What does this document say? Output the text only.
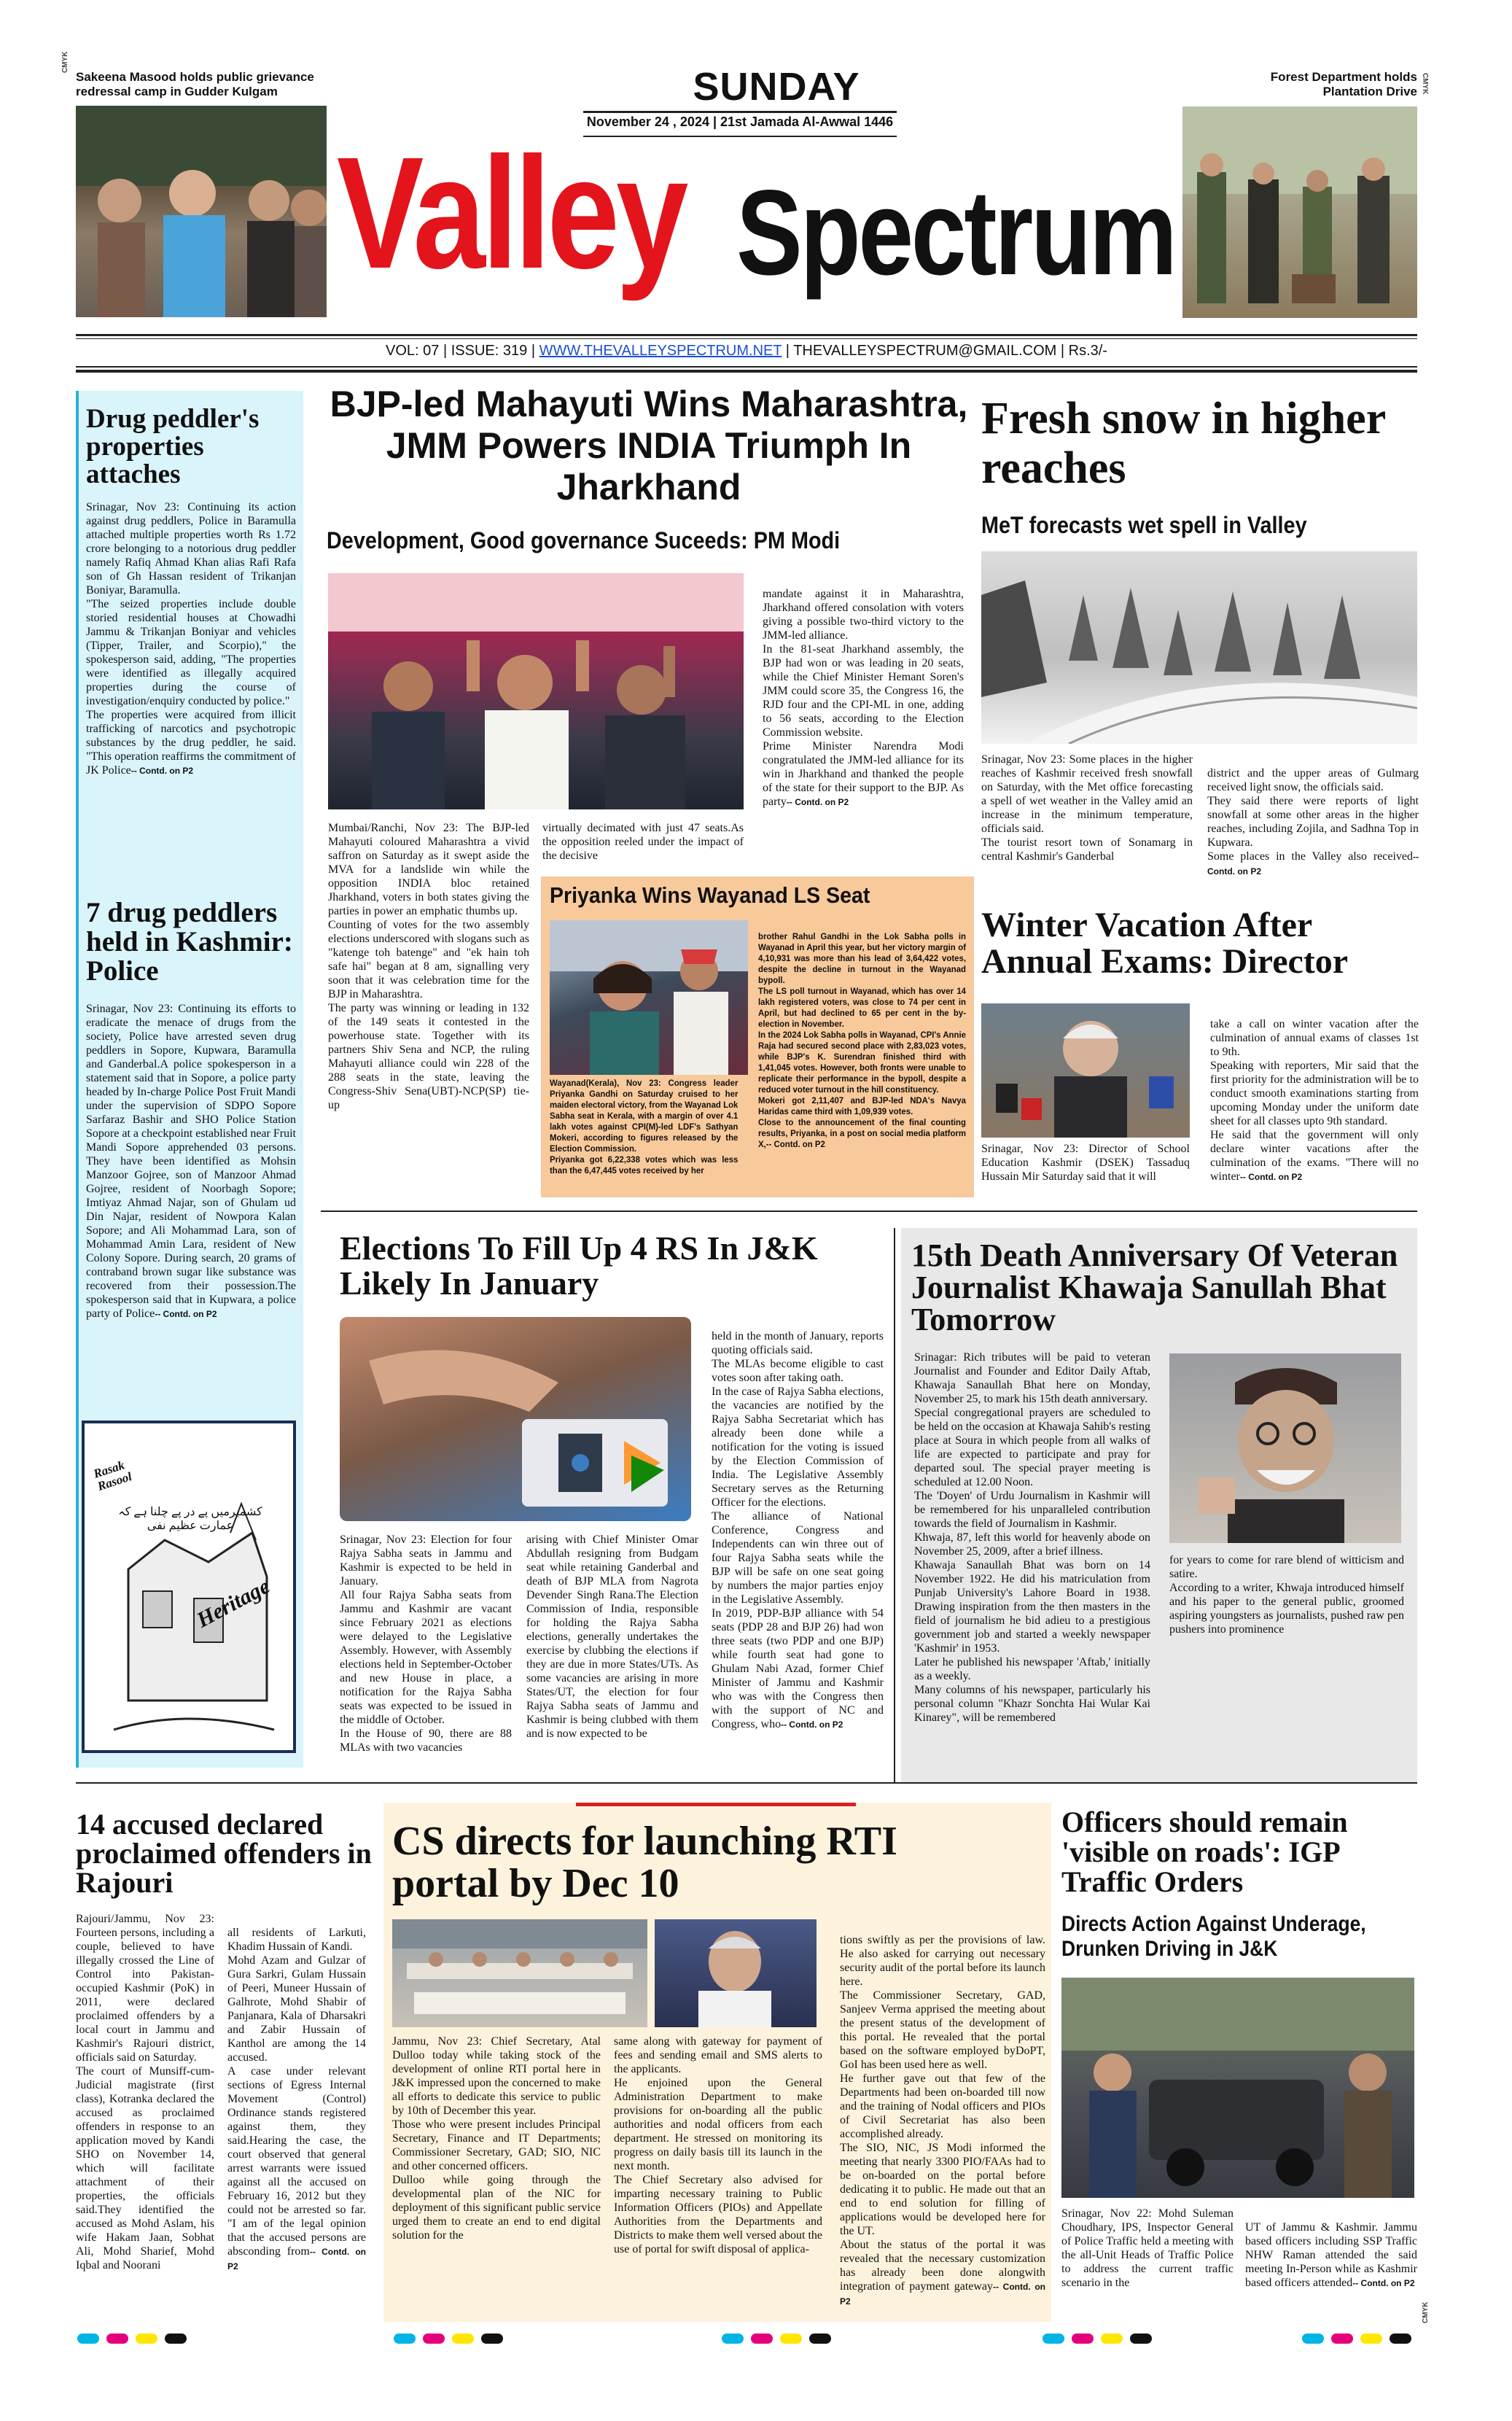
CMYK
Sakeena Masood holds public grievance redressal camp in Gudder Kulgam	SUNDAY
November 24 , 2024 | 21st Jamada Al-Awwal 1446
Valley Spectrum
Forest Department holds Plantation Drive CMYK
VOL: 07 | ISSUE: 319 | WWW.THEVALLEYSPECTRUM.NET | THEVALLEYSPECTRUM@GMAIL.COM | Rs.3/-
Drug peddler's properties attaches

Srinagar, Nov 23: Continuing its action against drug peddlers, Police in Baramulla attached multiple properties worth Rs 1.72 crore belonging to a notorious drug peddler namely Rafiq Ahmad Khan alias Rafi Rafa son of Gh Hassan resident of Trikanjan Boniyar, Baramulla.

"The seized properties include double storied residential houses at Chowadhi Jammu & Trikanjan Boniyar and vehicles (Tipper, Trailer, and Scorpio)," the spokesperson said, adding, "The properties were identified as illegally acquired properties during the course of investigation/enquiry conducted by police."

The properties were acquired from illicit trafficking of narcotics and psychotropic substances by the drug peddler, he said. "This operation reaffirms the commitment of JK Police-- Contd. on P2

7 drug peddlers held in Kashmir: Police
Srinagar, Nov 23: Continuing its efforts to eradicate the menace of drugs from the society, Police have arrested seven drug peddlers in Sopore, Kupwara, Baramulla and Ganderbal.A police spokesperson in a statement said that in Sopore, a police party headed by In-charge Police Post Fruit Mandi under the supervision of SDPO Sopore Sarfaraz Bashir and SHO Police Station Sopore at a checkpoint established near Fruit Mandi Sopore apprehended 03 persons. They have been identified as Mohsin Manzoor Gojree, son of Manzoor Ahmad Gojree, resident of Noorbagh Sopore; Imtiyaz Ahmad Najar, son of Ghulam ud Din Najar, resident of Nowpora Kalan Sopore; and Ali Mohammad Lara, son of Mohammad Amin Lara, resident of New Colony Sopore. During search, 20 grams of contraband brown sugar like substance was recovered from their possession.The spokesperson said that in Kupwara, a police party of Police-- Contd. on P2
Rasak Rasool
کشمیرمیں پے در پے چلنا ہے کہ عمارت عظیم نفی
Heritage
BJP-led Mahayuti Wins Maharashtra, JMM Powers INDIA Triumph In Jharkhand
Development, Good governance Suceeds: PM Modi
Mumbai/Ranchi, Nov 23: The BJP-led Mahayuti coloured Maharashtra a vivid saffron on Saturday as it swept aside the MVA for a landslide win while the opposition INDIA bloc retained Jharkhand, voters in both states giving the parties in power an emphatic thumbs up.
Counting of votes for the two assembly elections underscored with slogans such as "katenge toh batenge" and "ek hain toh safe hai" began at 8 am, signalling very soon that it was celebration time for the BJP in Maharashtra.
The party was winning or leading in 132 of the 149 seats it contested in the powerhouse state. Together with its partners Shiv Sena and NCP, the ruling Mahayuti alliance could win 228 of the 288 seats in the state, leaving the Congress-Shiv Sena(UBT)-NCP(SP) tie-up
virtually decimated with just 47 seats.As the opposition reeled under the impact of the decisive

mandate against it in Maharashtra, Jharkhand offered consolation with voters giving a possible two-third victory to the JMM-led alliance.
In the 81-seat Jharkhand assembly, the BJP had won or was leading in 20 seats, while the Chief Minister Hemant Soren's JMM could score 35, the Congress 16, the RJD four and the CPI-ML in one, adding to 56 seats, according to the Election Commission website.
Prime Minister Narendra Modi congratulated the JMM-led alliance for its win in Jharkhand and thanked the people of the state for their support to the BJP. As party-- Contd. on P2

Priyanka Wins Wayanad LS Seat
Wayanad(Kerala), Nov 23: Congress leader Priyanka Gandhi on Saturday cruised to her maiden electoral victory, from the Wayanad Lok Sabha seat in Kerala, with a margin of over 4.1 lakh votes against CPI(M)-led LDF's Sathyan Mokeri, according to figures released by the Election Commission.
Priyanka got 6,22,338 votes which was less than the 6,47,445 votes received by her

brother Rahul Gandhi in the Lok Sabha polls in Wayanad in April this year, but her victory margin of 4,10,931 was more than his lead of 3,64,422 votes, despite the decline in turnout in the Wayanad bypoll.
The LS poll turnout in Wayanad, which has over 14 lakh registered voters, was close to 74 per cent in April, but had declined to 65 per cent in the by-election in November.
In the 2024 Lok Sabha polls in Wayanad, CPI's Annie Raja had secured second place with 2,83,023 votes, while BJP's K. Surendran finished third with 1,41,045 votes. However, both fronts were unable to replicate their performance in the bypoll, despite a reduced voter turnout in the hill constituency.
Mokeri got 2,11,407 and BJP-led NDA's Navya Haridas came third with 1,09,939 votes.
Close to the announcement of the final counting results, Priyanka, in a post on social media platform X,-- Contd. on P2

Fresh snow in higher reaches
MeT forecasts wet spell in Valley
Srinagar, Nov 23: Some places in the higher reaches of Kashmir received fresh snowfall on Saturday, with the Met office forecasting a spell of wet weather in the Valley amid an increase in the minimum temperature, officials said.
The tourist resort town of Sonamarg in central Kashmir's Ganderbal

district and the upper areas of Gulmarg received light snow, the officials said.
They said there were reports of light snowfall at some other areas in the higher reaches, including Zojila, and Sadhna Top in Kupwara.
Some places in the Valley also received-- Contd. on P2

Winter Vacation After Annual Exams: Director
Srinagar, Nov 23: Director of School Education Kashmir (DSEK) Tassaduq Hussain Mir Saturday said that it will

take a call on winter vacation after the culmination of annual exams of classes 1st to 9th.
Speaking with reporters, Mir said that the first priority for the administration will be to conduct smooth examinations starting from upcoming Monday under the uniform date sheet for all classes upto 9th standard.
He said that the government will only declare winter vacations after the culmination of the exams. "There will no winter-- Contd. on P2

Elections To Fill Up 4 RS In J&K Likely In January
Srinagar, Nov 23: Election for four Rajya Sabha seats in Jammu and Kashmir is expected to be held in January.
All four Rajya Sabha seats from Jammu and Kashmir are vacant since February 2021 as elections were delayed to the Legislative Assembly. However, with Assembly elections held in September-October and new House in place, a notification for the Rajya Sabha seats was expected to be issued in the middle of October.
In the House of 90, there are 88 MLAs with two vacancies
arising with Chief Minister Omar Abdullah resigning from Budgam seat while retaining Ganderbal and death of BJP MLA from Nagrota Devender Singh Rana.The Election Commission of India, responsible for holding the Rajya Sabha elections, generally undertakes the exercise by clubbing the elections if they are due in more States/UTs. As some vacancies are arising in more States/UT, the election for four Rajya Sabha seats of Jammu and Kashmir is being clubbed with them and is now expected to be

held in the month of January, reports quoting officials said.
The MLAs become eligible to cast votes soon after taking oath.
In the case of Rajya Sabha elections, the vacancies are notified by the Rajya Sabha Secretariat which has already been done while a notification for the voting is issued by the Election Commission of India. The Legislative Assembly Secretary serves as the Returning Officer for the elections.
The alliance of National Conference, Congress and Independents can win three out of four Rajya Sabha seats while the BJP will be safe on one seat going by numbers the major parties enjoy in the Legislative Assembly.
In 2019, PDP-BJP alliance with 54 seats (PDP 28 and BJP 26) had won three seats (two PDP and one BJP) while fourth seat had gone to Ghulam Nabi Azad, former Chief Minister of Jammu and Kashmir who was with the Congress then with the support of NC and Congress, who-- Contd. on P2

15th Death Anniversary Of Veteran Journalist Khawaja Sanullah Bhat Tomorrow
Srinagar: Rich tributes will be paid to veteran Journalist and Founder and Editor Daily Aftab, Khawaja Sanaullah Bhat here on Monday, November 25, to mark his 15th death anniversary.
Special congregational prayers are scheduled to be held on the occasion at Khawaja Sahib's resting place at Soura in which people from all walks of life are expected to participate and pray for departed soul. The special prayer meeting is scheduled at 12.00 Noon.
The 'Doyen' of Urdu Journalism in Kashmir will be remembered for his unparalleled contribution towards the field of Journalism in Kashmir.
Khwaja, 87, left this world for heavenly abode on November 25, 2009, after a brief illness.
Khawaja Sanaullah Bhat was born on 14 November 1922. He did his matriculation from Punjab University's Lahore Board in 1938. Drawing inspiration from the then masters in the field of journalism he bid adieu to a prestigious government job and started a weekly newspaper 'Kashmir' in 1953.
Later he published his newspaper 'Aftab,' initially as a weekly.
Many columns of his newspaper, particularly his personal column "Khazr Sonchta Hai Wular Kai Kinarey", will be remembered
for years to come for rare blend of witticism and satire.
According to a writer, Khwaja introduced himself and his paper to the general public, groomed aspiring youngsters as journalists, pushed raw pen pushers into prominence
14 accused declared proclaimed offenders in Rajouri
Rajouri/Jammu, Nov 23: Fourteen persons, including a couple, believed to have illegally crossed the Line of Control into Pakistan-occupied Kashmir (PoK) in 2011, were declared proclaimed offenders by a local court in Jammu and Kashmir's Rajouri district, officials said on Saturday.
The court of Munsiff-cum-Judicial magistrate (first class), Kotranka declared the accused as proclaimed offenders in response to an application moved by Kandi SHO on November 14, which will facilitate attachment of their properties, the officials said.They identified the accused as Mohd Aslam, his wife Hakam Jaan, Sobhat Ali, Mohd Sharief, Mohd Iqbal and Noorani

all residents of Larkuti, Khadim Hussain of Kandi.
Mohd Azam and Gulzar of Gura Sarkri, Gulam Hussain of Peeri, Muneer Hussain of Galhrote, Mohd Shabir of Panjanara, Kala of Dharsakri and Zabir Hussain of Kanthol are among the 14 accused.
A case under relevant sections of Egress Internal Movement (Control) Ordinance stands registered against them, they said.Hearing the case, the court observed that general arrest warrants were issued against all the accused on February 16, 2012 but they could not be arrested so far. "I am of the legal opinion that the accused persons are absconding from-- Contd. on P2

CS directs for launching RTI portal by Dec 10
Jammu, Nov 23: Chief Secretary, Atal Dulloo today while taking stock of the development of online RTI portal here in J&K impressed upon the concerned to make all efforts to dedicate this service to public by 10th of December this year.
Those who were present includes Principal Secretary, Finance and IT Departments; Commissioner Secretary, GAD; SIO, NIC and other concerned officers.
Dulloo while going through the developmental plan of the NIC for deployment of this significant public service urged them to create an end to end digital solution for the
same along with gateway for payment of fees and sending email and SMS alerts to the applicants.
He enjoined upon the General Administration Department to make provisions for on-boarding all the public authorities and nodal officers from each department. He stressed on monitoring its progress on daily basis till its launch in the next month.
The Chief Secretary also advised for imparting necessary training to Public Information Officers (PIOs) and Appellate Authorities from the Departments and Districts to make them well versed about the use of portal for swift disposal of applica-

tions swiftly as per the provisions of law. He also asked for carrying out necessary security audit of the portal before its launch here.
The Commissioner Secretary, GAD, Sanjeev Verma apprised the meeting about the present status of the development of this portal. He revealed that the portal based on the software employed byDoPT, GoI has been used here as well.
He further gave out that few of the Departments had been on-boarded till now and the training of Nodal officers and PIOs of Civil Secretariat has also been accomplished already.
The SIO, NIC, JS Modi informed the meeting that nearly 3300 PIO/FAAs had to be on-boarded on the portal before dedicating it to public. He made out that an end to end solution for filling of applications would be developed here for the UT.
About the status of the portal it was revealed that the necessary customization has already been done alongwith integration of payment gateway-- Contd. on P2

Officers should remain 'visible on roads': IGP Traffic Orders
Directs Action Against Underage, Drunken Driving in J&K
Srinagar, Nov 22: Mohd Suleman Choudhary, IPS, Inspector General of Police Traffic held a meeting with the all-Unit Heads of Traffic Police to address the current traffic scenario in the

UT of Jammu & Kashmir. Jammu based officers including SSP Traffic NHW Raman attended the said meeting In-Person while as Kashmir based officers attended-- Contd. on P2

CMYK
